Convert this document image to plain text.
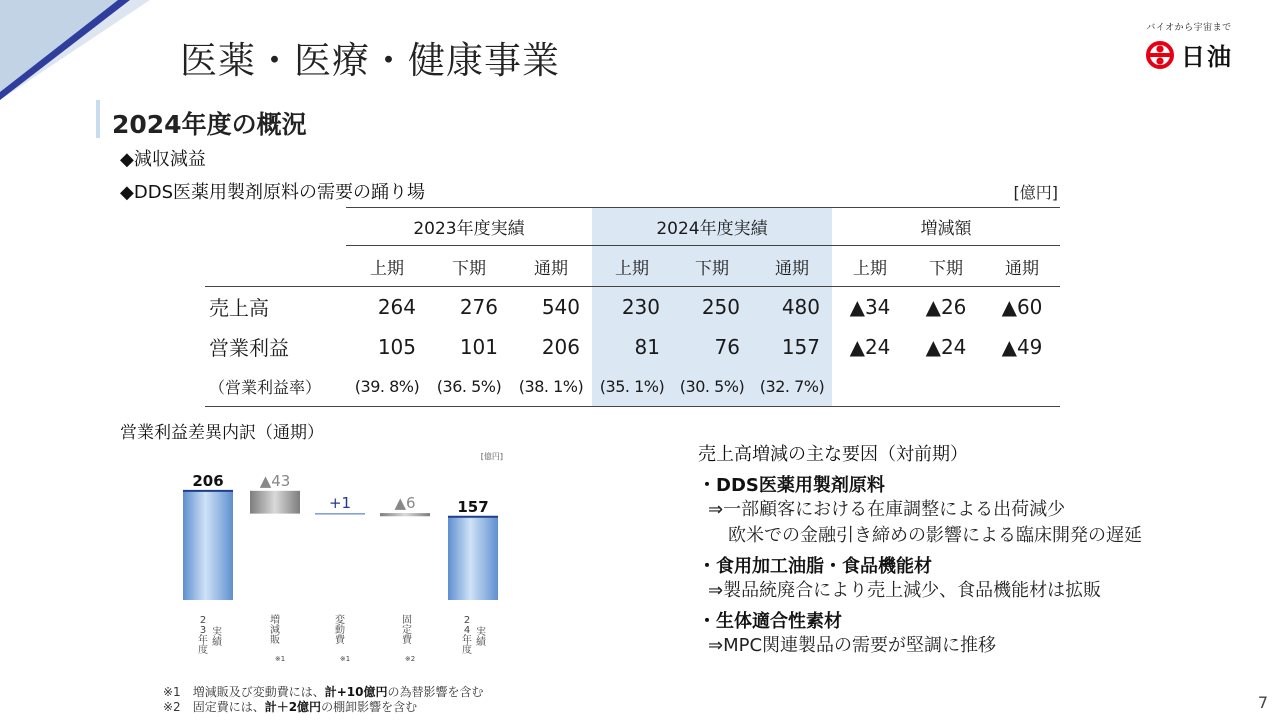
医薬・医療・健康事業
バイオから宇宙まで
日油
2024年度の概況
◆減収減益
◆DDS医薬用製剤原料の需要の踊り場	[億円]
	2023年度実績			2024年度実績			増減額		
	上期	下期	通期	上期	下期	通期	上期	下期	通期
売上高	264	276	540	230	250	480	▲34	▲26	▲60
営業利益	105	101	206	81	76	157	▲24	▲24	▲49
（営業利益率）	(39. 8%)	(36. 5%)	(38. 1%)	(35. 1%)	(30. 5%)	(32. 7%)			
営業利益差異内訳（通期）
[億円]
206 ▲43
+1	▲6	157
2
3
年
度
実
績
増
減
販
変
動
費
固
定
費
2
4
年
度
実
績
※1	※1	※2
売上高増減の主な要因（対前期）
・DDS医薬用製剤原料
⇒一部顧客における在庫調整による出荷減少
欧米での金融引き締めの影響による臨床開発の遅延
・食用加工油脂・食品機能材
⇒製品統廃合により売上減少、食品機能材は拡販
・生体適合性素材
⇒MPC関連製品の需要が堅調に推移
※1　増減販及び変動費には、計+10億円の為替影響を含む
※2　固定費には、計＋2億円の棚卸影響を含む	7
